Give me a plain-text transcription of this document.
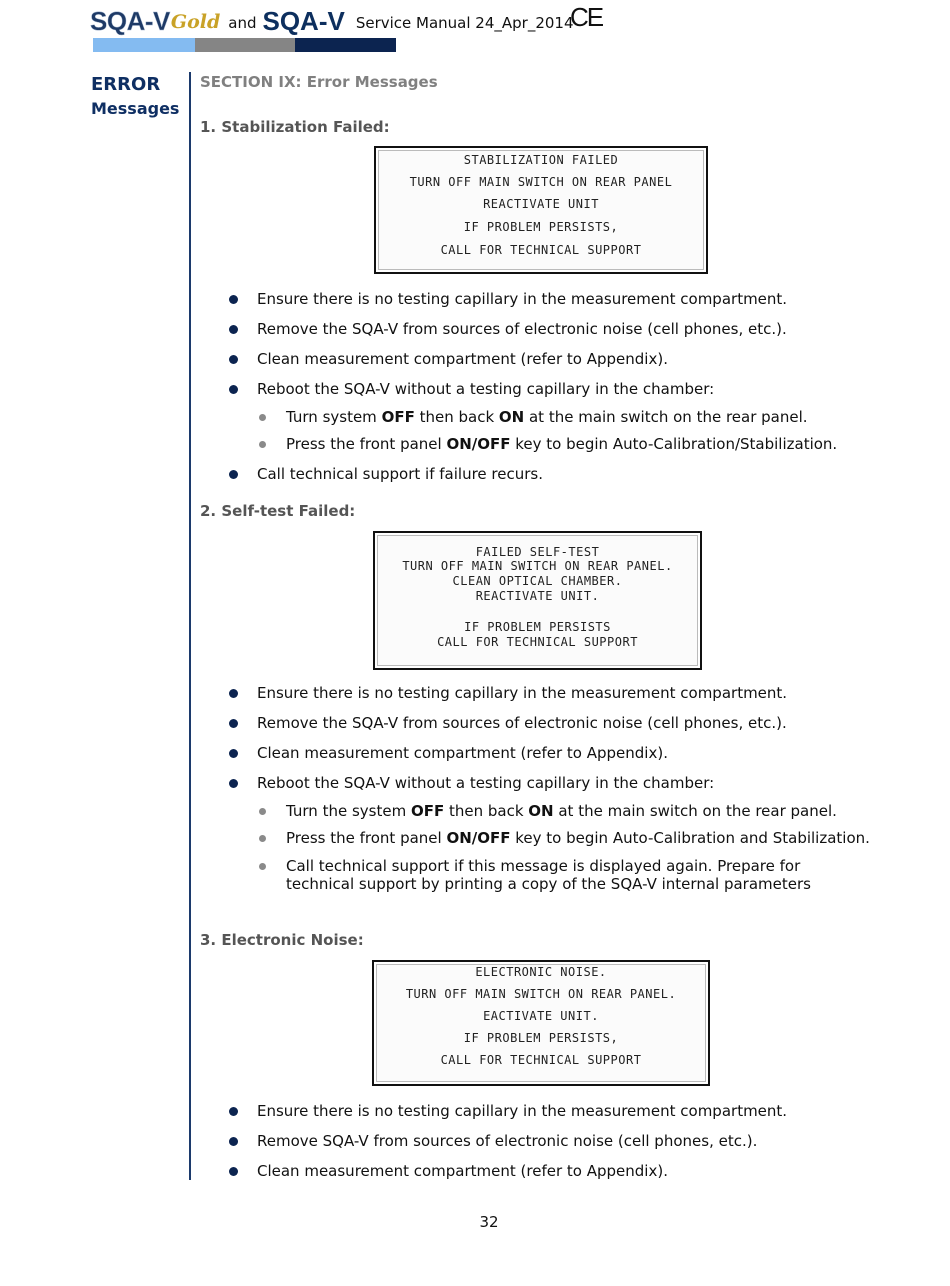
SQA-V Gold and SQA-V Service Manual 24_Apr_2014
CE
ERROR
Messages
SECTION IX: Error Messages
1. Stabilization Failed:
STABILIZATION FAILED
TURN OFF MAIN SWITCH ON REAR PANEL
REACTIVATE UNIT
IF PROBLEM PERSISTS,
CALL FOR TECHNICAL SUPPORT
Ensure there is no testing capillary in the measurement compartment.
Remove the SQA-V from sources of electronic noise (cell phones, etc.).
Clean measurement compartment (refer to Appendix).
Reboot the SQA-V without a testing capillary in the chamber:
Turn system OFF then back ON at the main switch on the rear panel.
Press the front panel ON/OFF key to begin Auto-Calibration/Stabilization.
Call technical support if failure recurs.
2. Self-test Failed:
FAILED SELF-TEST
TURN OFF MAIN SWITCH ON REAR PANEL.
CLEAN OPTICAL CHAMBER.
REACTIVATE UNIT.
IF PROBLEM PERSISTS
CALL FOR TECHNICAL SUPPORT
Ensure there is no testing capillary in the measurement compartment.
Remove the SQA-V from sources of electronic noise (cell phones, etc.).
Clean measurement compartment (refer to Appendix).
Reboot the SQA-V without a testing capillary in the chamber:
Turn the system OFF then back ON at the main switch on the rear panel.
Press the front panel ON/OFF key to begin Auto-Calibration and Stabilization.
Call technical support if this message is displayed again. Prepare for technical support by printing a copy of the SQA-V internal parameters
3. Electronic Noise:
ELECTRONIC NOISE.
TURN OFF MAIN SWITCH ON REAR PANEL.
EACTIVATE UNIT.
IF PROBLEM PERSISTS,
CALL FOR TECHNICAL SUPPORT
Ensure there is no testing capillary in the measurement compartment.
Remove SQA-V from sources of electronic noise (cell phones, etc.).
Clean measurement compartment (refer to Appendix).
32
